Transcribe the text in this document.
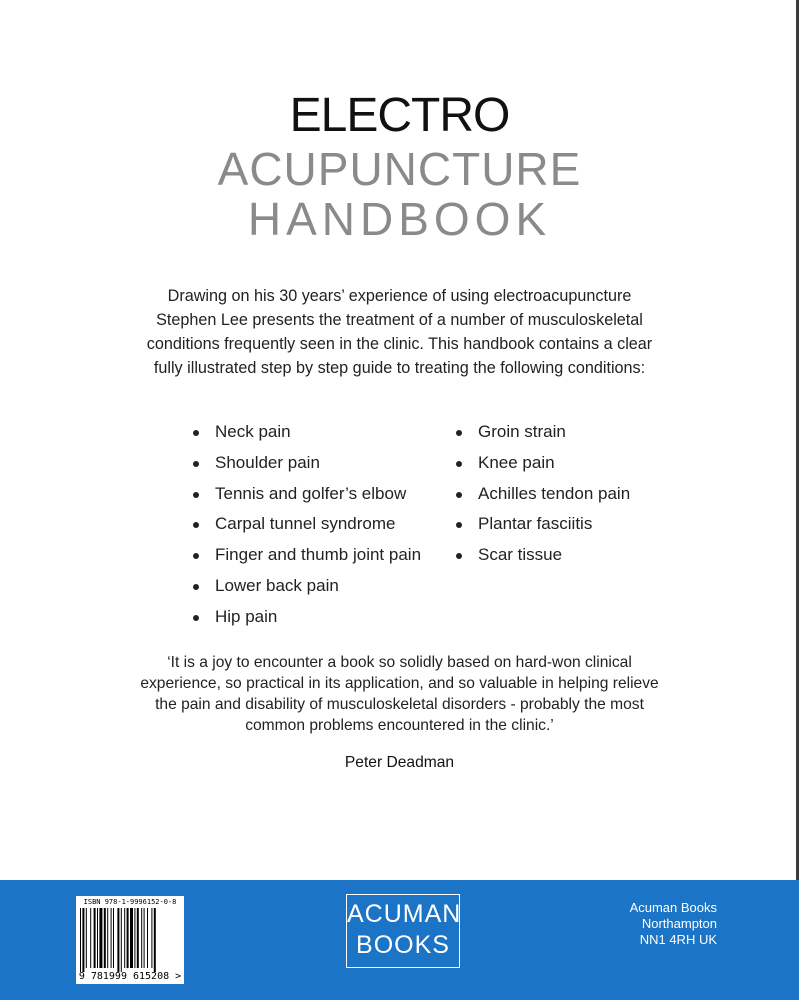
ELECTRO
ACUPUNCTURE
HANDBOOK
Drawing on his 30 years’ experience of using electroacupuncture
Stephen Lee presents the treatment of a number of musculoskeletal
conditions frequently seen in the clinic. This handbook contains a clear
fully illustrated step by step guide to treating the following conditions:
Neck pain
Shoulder pain
Tennis and golfer’s elbow
Carpal tunnel syndrome
Finger and thumb joint pain
Lower back pain
Hip pain
Groin strain
Knee pain
Achilles tendon pain
Plantar fasciitis
Scar tissue
‘It is a joy to encounter a book so solidly based on hard-won clinical
experience, so practical in its application, and so valuable in helping relieve
the pain and disability of musculoskeletal disorders - probably the most
common problems encountered in the clinic.’
Peter Deadman
ISBN 978-1-9996152-0-8
9 781999 615208 >
ACUMAN
BOOKS
Acuman Books
Northampton
NN1 4RH UK
